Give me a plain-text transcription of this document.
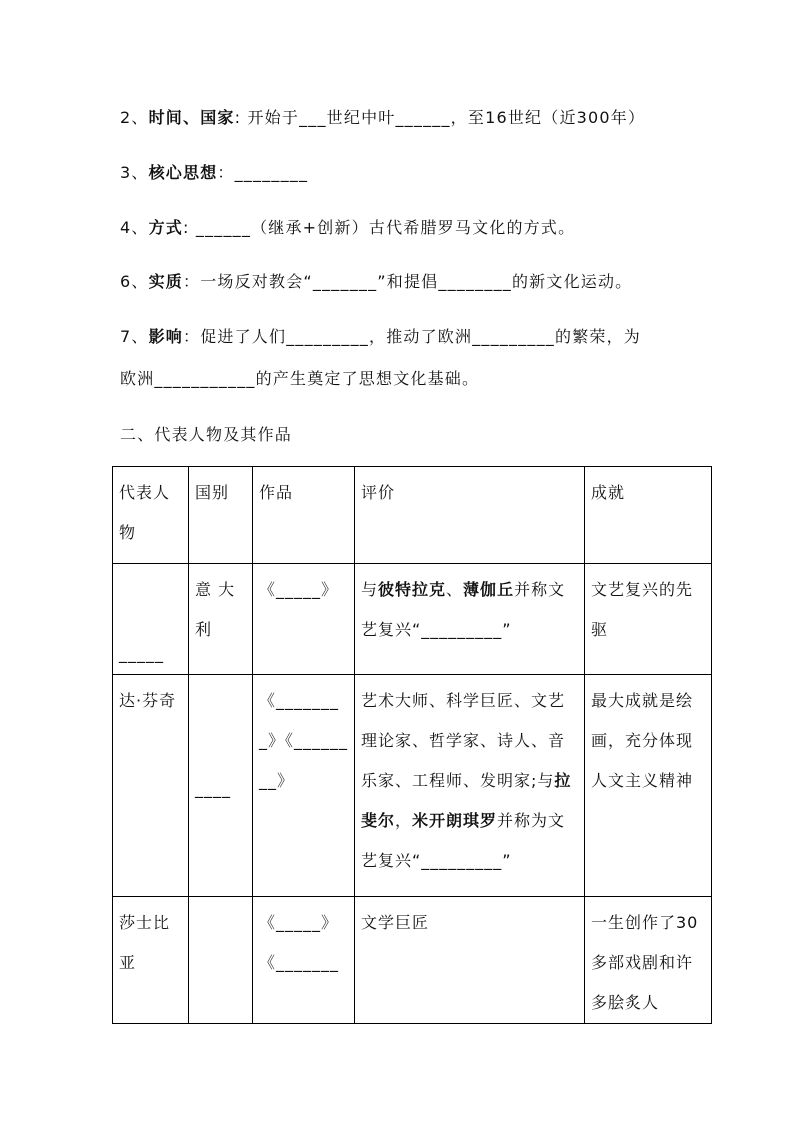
2、时间、国家: 开始于___世纪中叶______，至16世纪（近300年）
3、核心思想：________
4、方式: ______（继承+创新）古代希腊罗马文化的方式。
6、实质：一场反对教会“_______”和提倡________的新文化运动。
7、影响：促进了人们_________，推动了欧洲_________的繁荣，为
欧洲___________的产生奠定了思想文化基础。
二、代表人物及其作品
代表人物	国别	作品	评价	成就
_____	意 大 利	《_____》	与彼特拉克、薄伽丘并称文艺复兴“_________”	文艺复兴的先驱
达·芬奇	____	《________》《________》	艺术大师、科学巨匠、文艺理论家、哲学家、诗人、音乐家、工程师、发明家;与拉斐尔，米开朗琪罗并称为文艺复兴“_________”	最大成就是绘画，充分体现人文主义精神
莎士比亚		《_____》《_______	文学巨匠	一生创作了30多部戏剧和许多脍炙人
